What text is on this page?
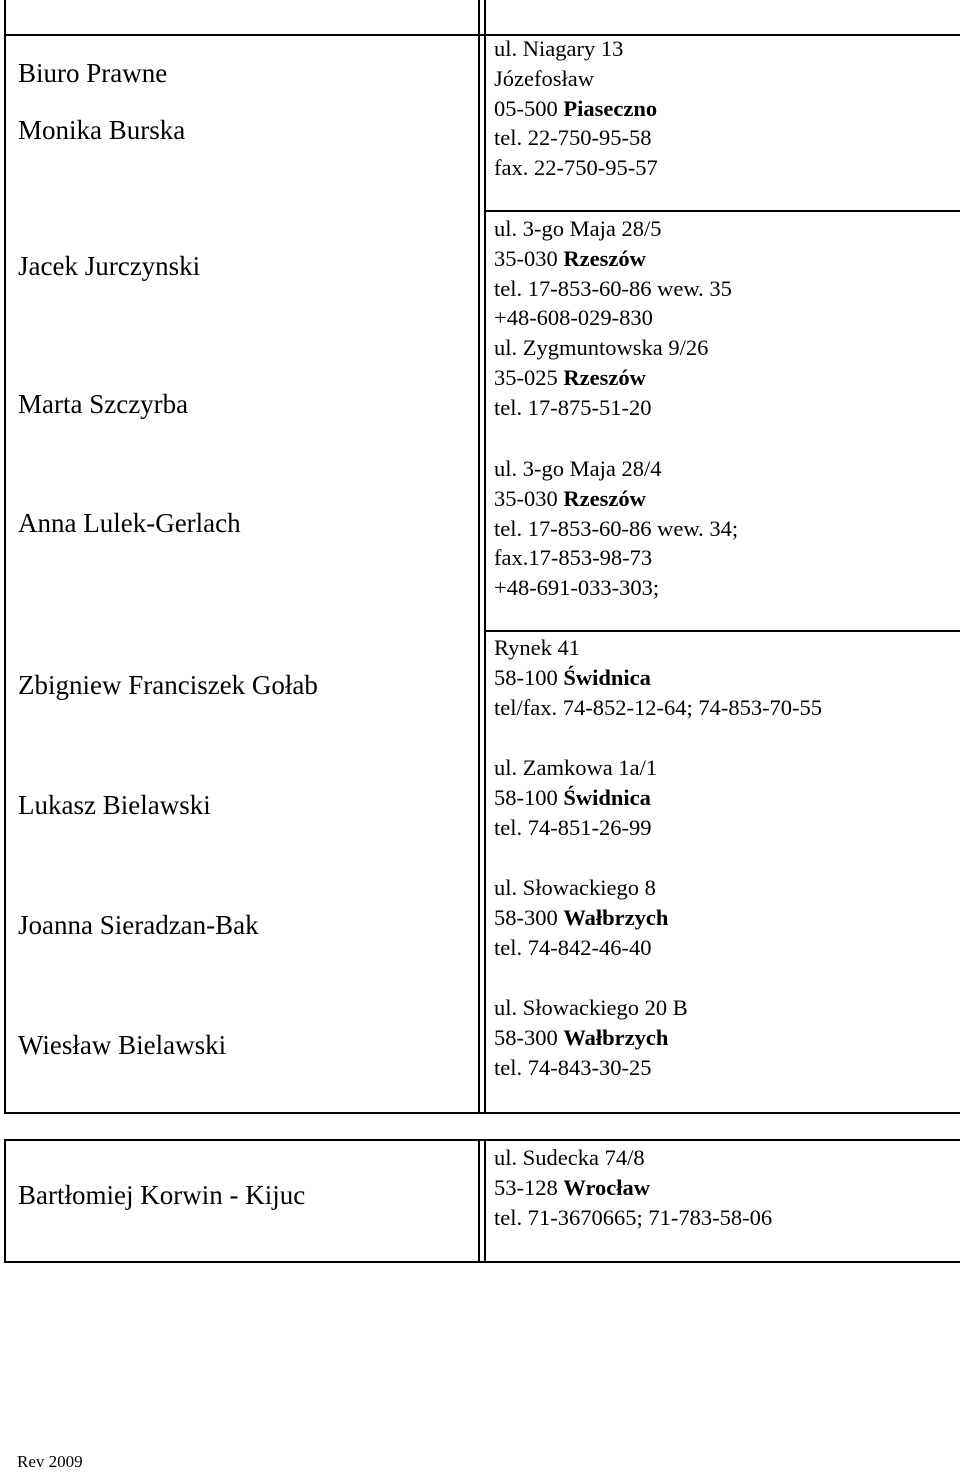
Biuro Prawne
Monika Burska
Jacek Jurczynski
Marta Szczyrba
Anna Lulek-Gerlach
Zbigniew Franciszek Gołab
Lukasz Bielawski
Joanna Sieradzan-Bak
Wiesław Bielawski
Bartłomiej Korwin - Kijuc
ul. Niagary 13
Józefosław
05-500 Piaseczno
tel. 22-750-95-58
fax. 22-750-95-57
ul. 3-go Maja 28/5
35-030 Rzeszów
tel. 17-853-60-86 wew. 35
+48-608-029-830
ul. Zygmuntowska 9/26
35-025 Rzeszów
tel. 17-875-51-20
ul. 3-go Maja 28/4
35-030 Rzeszów
tel. 17-853-60-86 wew. 34;
fax.17-853-98-73
+48-691-033-303;
Rynek 41
58-100 Świdnica
tel/fax. 74-852-12-64; 74-853-70-55
ul. Zamkowa 1a/1
58-100 Świdnica
tel. 74-851-26-99
ul. Słowackiego 8
58-300 Wałbrzych
tel. 74-842-46-40
ul. Słowackiego 20 B
58-300 Wałbrzych
tel. 74-843-30-25
ul. Sudecka 74/8
53-128 Wrocław
tel. 71-3670665; 71-783-58-06
Rev 2009
